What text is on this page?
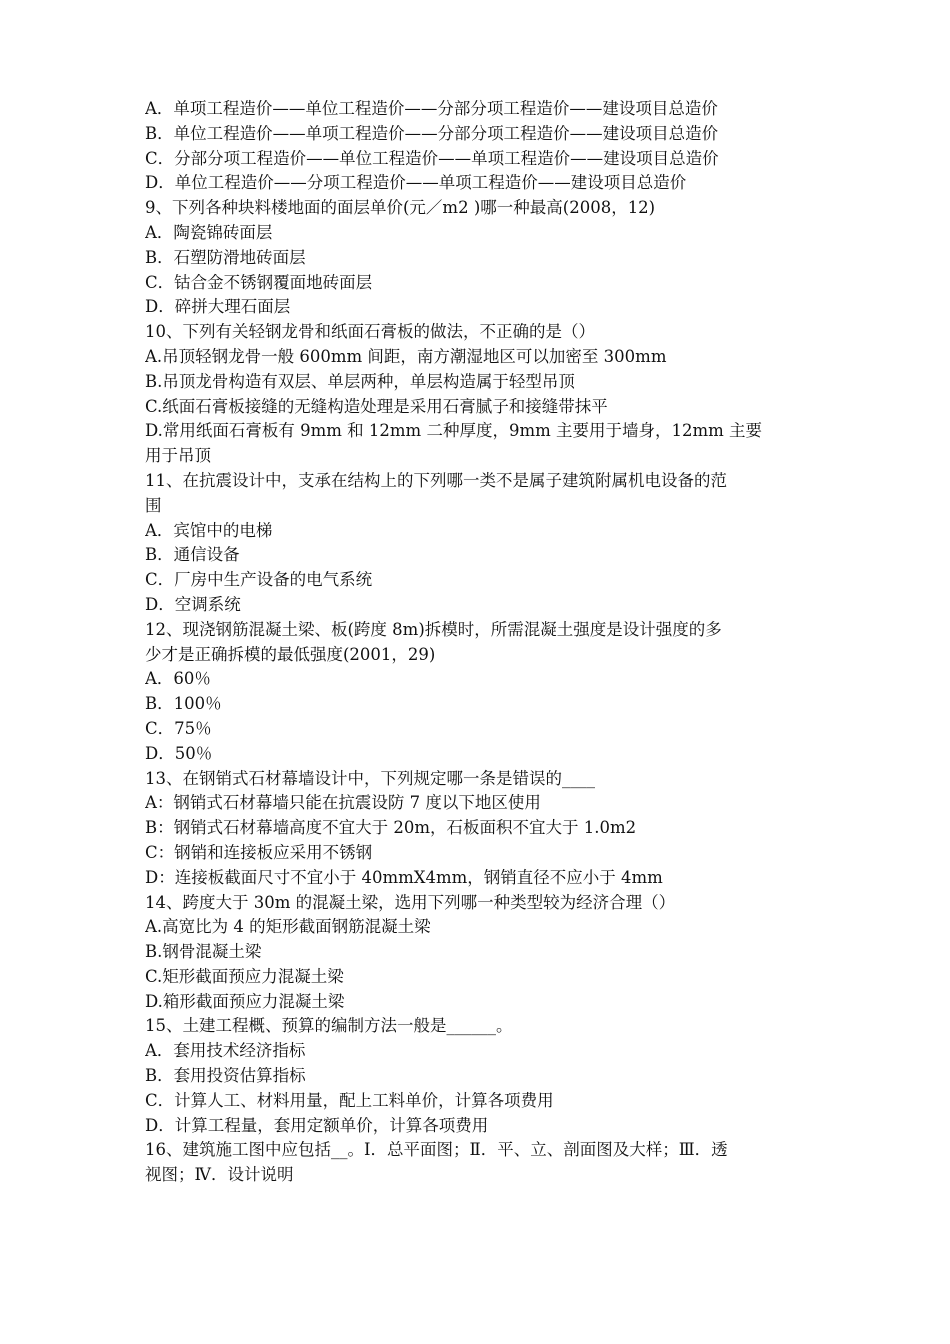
A．单项工程造价——单位工程造价——分部分项工程造价——建设项目总造价
B．单位工程造价——单项工程造价——分部分项工程造价——建设项目总造价
C．分部分项工程造价——单位工程造价——单项工程造价——建设项目总造价
D．单位工程造价——分项工程造价——单项工程造价——建设项目总造价
9、下列各种块料楼地面的面层单价(元／m2 )哪一种最高(2008，12)
A．陶瓷锦砖面层
B．石塑防滑地砖面层
C．钴合金不锈钢覆面地砖面层
D．碎拼大理石面层
10、下列有关轻钢龙骨和纸面石膏板的做法，不正确的是（）
A.吊顶轻钢龙骨一般 600mm 间距，南方潮湿地区可以加密至 300mm
B.吊顶龙骨构造有双层、单层两种，单层构造属于轻型吊顶
C.纸面石膏板接缝的无缝构造处理是采用石膏腻子和接缝带抹平
D.常用纸面石膏板有 9mm 和 12mm 二种厚度，9mm 主要用于墙身，12mm 主要
用于吊顶
11、在抗震设计中，支承在结构上的下列哪一类不是属子建筑附属机电设备的范
围
A．宾馆中的电梯
B．通信设备
C．厂房中生产设备的电气系统
D．空调系统
12、现浇钢筋混凝土梁、板(跨度 8m)拆模时，所需混凝土强度是设计强度的多
少才是正确拆模的最低强度(2001，29)
A．60％
B．100％
C．75％
D．50％
13、在钢销式石材幕墙设计中，下列规定哪一条是错误的____
A：钢销式石材幕墙只能在抗震设防 7 度以下地区使用
B：钢销式石材幕墙高度不宜大于 20m，石板面积不宜大于 1.0m2
C：钢销和连接板应采用不锈钢
D：连接板截面尺寸不宜小于 40mmX4mm，钢销直径不应小于 4mm
14、跨度大于 30m 的混凝土梁，选用下列哪一种类型较为经济合理（）
A.高宽比为 4 的矩形截面钢筋混凝土梁
B.钢骨混凝土梁
C.矩形截面预应力混凝土梁
D.箱形截面预应力混凝土梁
15、土建工程概、预算的编制方法一般是______。
A．套用技术经济指标
B．套用投资估算指标
C．计算人工、材料用量，配上工料单价，计算各项费用
D．计算工程量，套用定额单价，计算各项费用
16、建筑施工图中应包括__。Ⅰ．总平面图；Ⅱ．平、立、剖面图及大样；Ⅲ．透
视图；Ⅳ．设计说明
